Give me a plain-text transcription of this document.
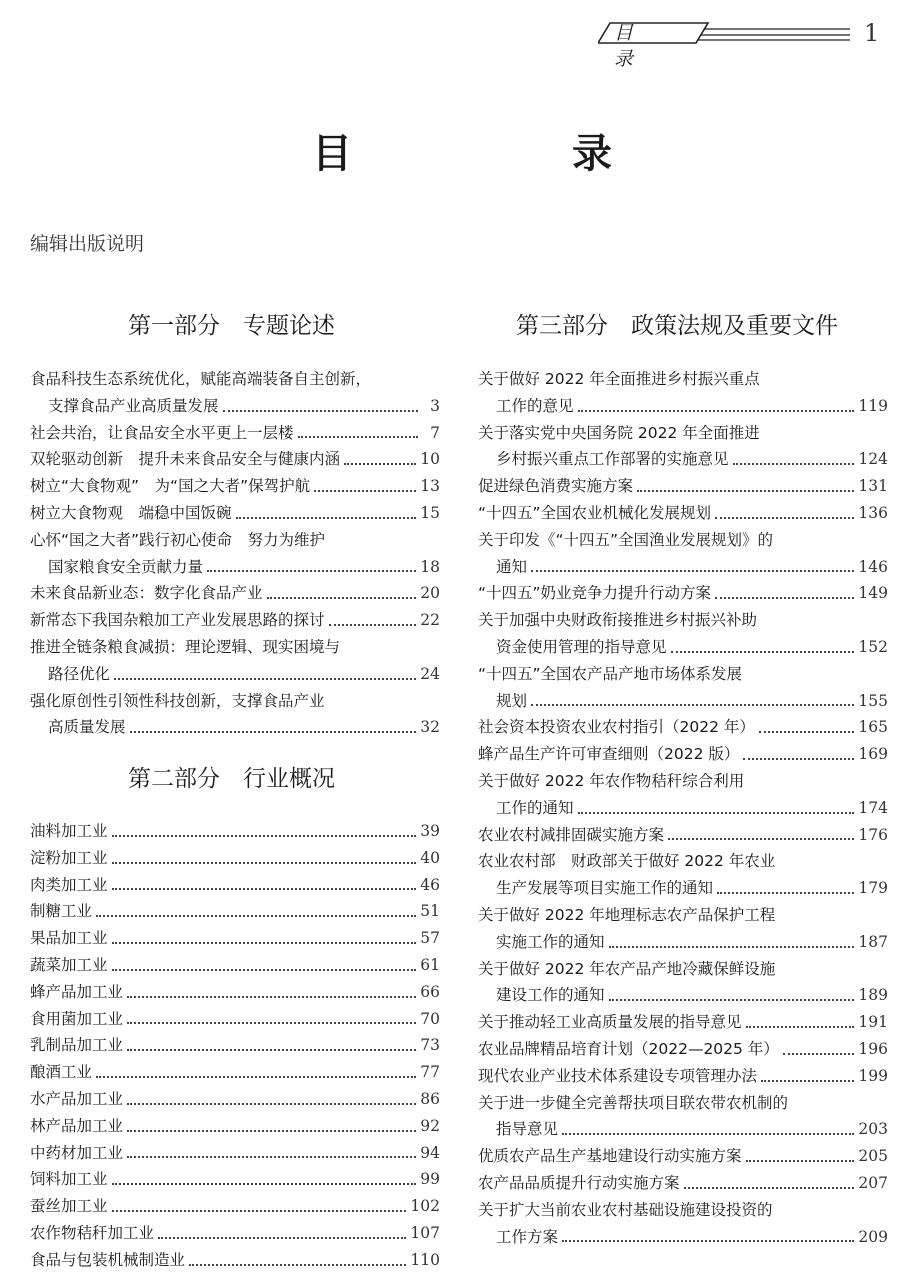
目 录
1
目　录
编辑出版说明
第一部分　专题论述
第二部分　行业概况
第三部分　政策法规及重要文件
食品科技生态系统优化，赋能高端装备自主创新，
支撑食品产业高质量发展	3
社会共治，让食品安全水平更上一层楼	7
双轮驱动创新　提升未来食品安全与健康内涵	10
树立“大食物观”　为“国之大者”保驾护航	13
树立大食物观　端稳中国饭碗	15
心怀“国之大者”践行初心使命　努力为维护
国家粮食安全贡献力量	18
未来食品新业态：数字化食品产业	20
新常态下我国杂粮加工产业发展思路的探讨	22
推进全链条粮食减损：理论逻辑、现实困境与
路径优化	24
强化原创性引领性科技创新，支撑食品产业
高质量发展	32
油料加工业	39
淀粉加工业	40
肉类加工业	46
制糖工业	51
果品加工业	57
蔬菜加工业	61
蜂产品加工业	66
食用菌加工业	70
乳制品加工业	73
酿酒工业	77
水产品加工业	86
林产品加工业	92
中药材加工业	94
饲料加工业	99
蚕丝加工业	102
农作物秸秆加工业	107
食品与包装机械制造业	110
关于做好 2022 年全面推进乡村振兴重点
工作的意见	119
关于落实党中央国务院 2022 年全面推进
乡村振兴重点工作部署的实施意见	124
促进绿色消费实施方案	131
“十四五”全国农业机械化发展规划	136
关于印发《“十四五”全国渔业发展规划》的
通知	146
“十四五”奶业竞争力提升行动方案	149
关于加强中央财政衔接推进乡村振兴补助
资金使用管理的指导意见	152
“十四五”全国农产品产地市场体系发展
规划	155
社会资本投资农业农村指引（2022 年）	165
蜂产品生产许可审查细则（2022 版）	169
关于做好 2022 年农作物秸秆综合利用
工作的通知	174
农业农村减排固碳实施方案	176
农业农村部　财政部关于做好 2022 年农业
生产发展等项目实施工作的通知	179
关于做好 2022 年地理标志农产品保护工程
实施工作的通知	187
关于做好 2022 年农产品产地冷藏保鲜设施
建设工作的通知	189
关于推动轻工业高质量发展的指导意见	191
农业品牌精品培育计划（2022—2025 年）	196
现代农业产业技术体系建设专项管理办法	199
关于进一步健全完善帮扶项目联农带农机制的
指导意见	203
优质农产品生产基地建设行动实施方案	205
农产品品质提升行动实施方案	207
关于扩大当前农业农村基础设施建设投资的
工作方案	209
